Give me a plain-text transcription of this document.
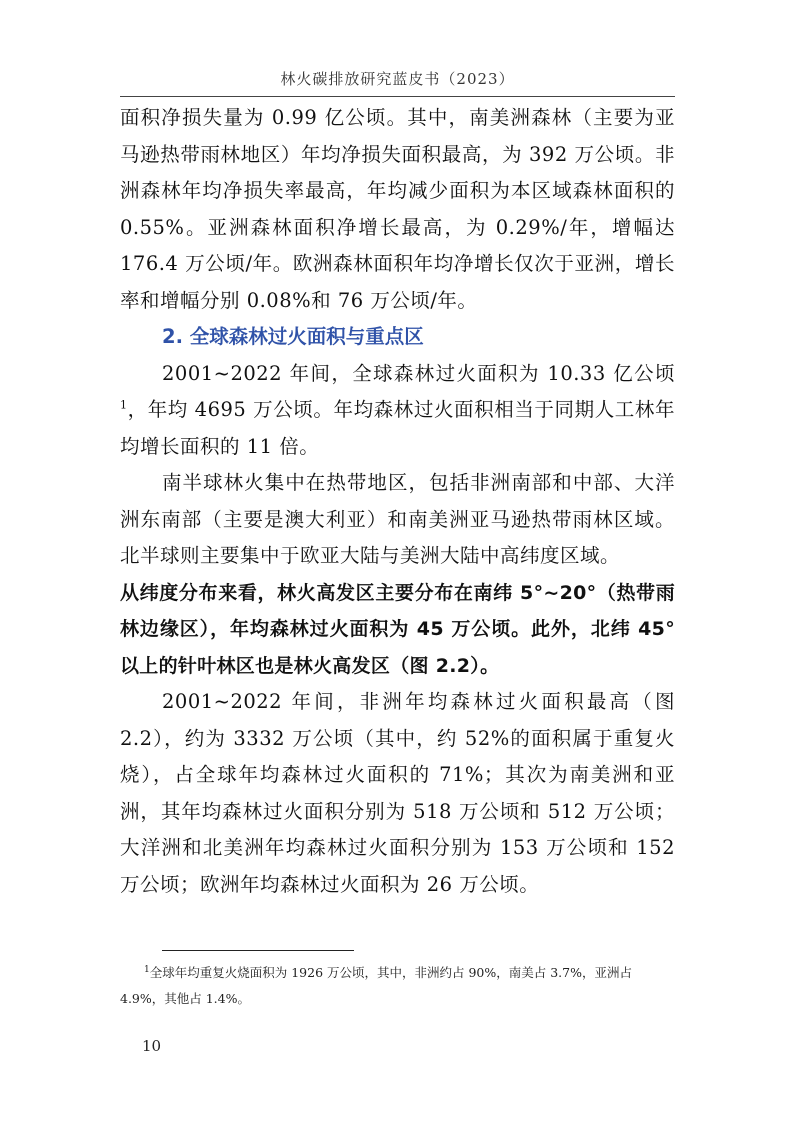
林火碳排放研究蓝皮书（2023）

面积净损失量为 0.99 亿公顷。其中，南美洲森林（主要为亚马逊热带雨林地区）年均净损失面积最高，为 392 万公顷。非洲森林年均净损失率最高，年均减少面积为本区域森林面积的 0.55%。亚洲森林面积净增长最高，为 0.29%/年，增幅达 176.4 万公顷/年。欧洲森林面积年均净增长仅次于亚洲，增长率和增幅分别 0.08%和 76 万公顷/年。

2. 全球森林过火面积与重点区

2001~2022 年间，全球森林过火面积为 10.33 亿公顷$^1$，年均 4695 万公顷。年均森林过火面积相当于同期人工林年均增长面积的 11 倍。

南半球林火集中在热带地区，包括非洲南部和中部、大洋洲东南部（主要是澳大利亚）和南美洲亚马逊热带雨林区域。北半球则主要集中于欧亚大陆与美洲大陆中高纬度区域。

从纬度分布来看，林火高发区主要分布在南纬 5°~20°（热带雨林边缘区），年均森林过火面积为 45 万公顷。此外，北纬 45°以上的针叶林区也是林火高发区（图 2.2）。

2001~2022 年间，非洲年均森林过火面积最高（图 2.2），约为 3332 万公顷（其中，约 52%的面积属于重复火烧），占全球年均森林过火面积的 71%；其次为南美洲和亚洲，其年均森林过火面积分别为 518 万公顷和 512 万公顷；大洋洲和北美洲年均森林过火面积分别为 153 万公顷和 152 万公顷；欧洲年均森林过火面积为 26 万公顷。

$^1$全球年均重复火烧面积为 1926 万公顷，其中，非洲约占 90%，南美占 3.7%，亚洲占 4.9%，其他占 1.4%。
10
